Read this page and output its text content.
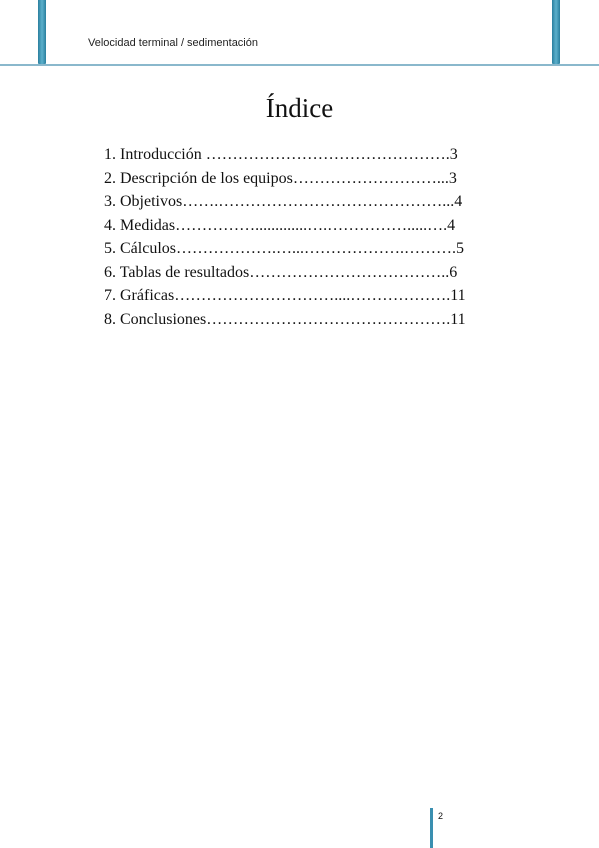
Velocidad terminal / sedimentación
Índice
1. Introducción ……………………………………….3
2. Descripción de los equipos………………………...3
3. Objetivos…….……………………………………...4
4. Medidas…………….............….…………….....….4
5. Cálculos……………….…...……………….……….5
6. Tablas de resultados………………………………..6
7. Gráficas…………………………....……………….11
8. Conclusiones……………………………………….11
2
